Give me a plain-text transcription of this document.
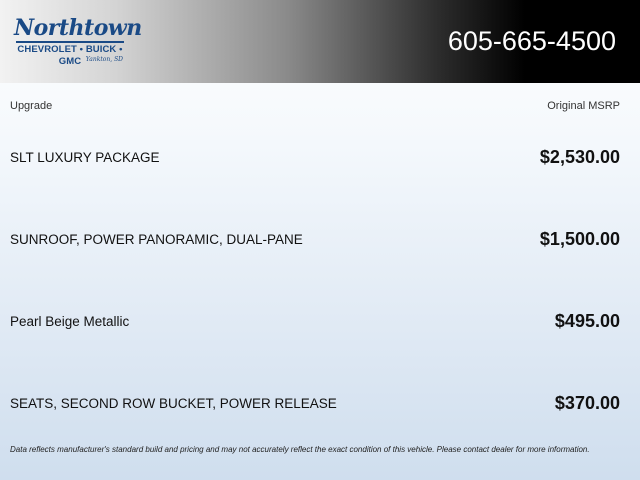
Northtown
CHEVROLET • BUICK • GMC Yankton, SD
605-665-4500
Upgrade	Original MSRP
SLT LUXURY PACKAGE	$2,530.00
SUNROOF, POWER PANORAMIC, DUAL-PANE	$1,500.00
Pearl Beige Metallic	$495.00
SEATS, SECOND ROW BUCKET, POWER RELEASE	$370.00
Data reflects manufacturer's standard build and pricing and may not accurately reflect the exact condition of this vehicle. Please contact dealer for more information.
